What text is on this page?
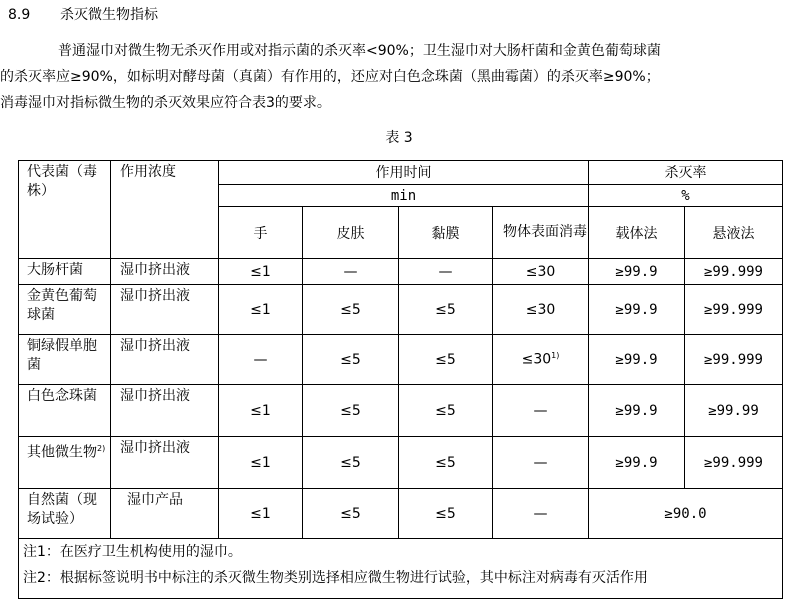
8.9 杀灭微生物指标
普通湿巾对微生物无杀灭作用或对指示菌的杀灭率<90%；卫生湿巾对大肠杆菌和金黄色葡萄球菌
的杀灭率应≥90%，如标明对酵母菌（真菌）有作用的，还应对白色念珠菌（黑曲霉菌）的杀灭率≥90%；
消毒湿巾对指标微生物的杀灭效果应符合表3的要求。
表 3
代表菌（毒株）	作用浓度	作用时间				杀灭率	
		min				%	
		手	皮肤	黏膜	物体表面消毒	载体法	悬液法
大肠杆菌	湿巾挤出液	≤1	—	—	≤30	≥99.9	≥99.999
金黄色葡萄球菌	湿巾挤出液	≤1	≤5	≤5	≤30	≥99.9	≥99.999
铜绿假单胞菌	湿巾挤出液	—	≤5	≤5	≤30$^{1)}$	≥99.9	≥99.999
白色念珠菌	湿巾挤出液	≤1	≤5	≤5	—	≥99.9	≥99.99
其他微生物$^{2)}$	湿巾挤出液	≤1	≤5	≤5	—	≥99.9	≥99.999
自然菌（现场试验）	湿巾产品	≤1	≤5	≤5	—	≥90.0	

注1：在医疗卫生机构使用的湿巾。
注2：根据标签说明书中标注的杀灭微生物类别选择相应微生物进行试验，其中标注对病毒有灭活作用							
